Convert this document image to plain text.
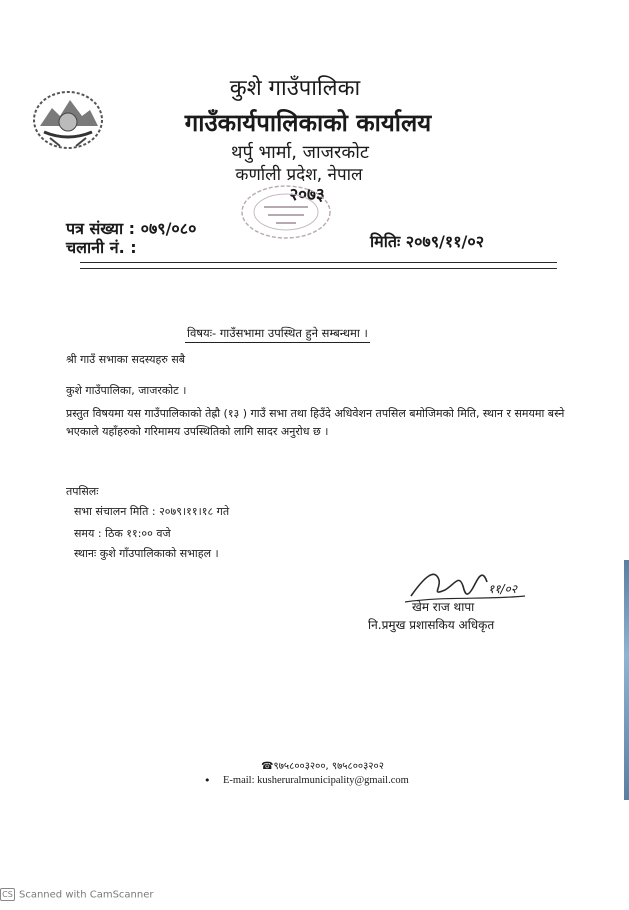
कुशे गाउँपालिका
गाउँकार्यपालिकाको कार्यालय
थर्पु भार्मा, जाजरकोट
कर्णाली प्रदेश, नेपाल
२०७३
पत्र संख्या : ०७९/०८०
चलानी नं. :	मितिः २०७९/११/०२
विषयः- गाउँसभामा उपस्थित हुने सम्बन्धमा ।
श्री गाउँ सभाका सदस्यहरु सबै
कुशे गाउँपालिका, जाजरकोट ।
प्रस्तुत विषयमा यस गाउँपालिकाको तेह्रौ (१३ ) गाउँ सभा तथा हिउँदे अधिवेशन तपसिल बमोजिमको मिति, स्थान र समयमा बस्ने भएकाले यहाँहरुको गरिमामय उपस्थितिको लागि सादर अनुरोध छ ।
तपसिलः
सभा संचालन मिति : २०७९।११।१८ गते
समय : ठिक ११:०० वजे
स्थानः कुशे गाँउपालिकाको सभाहल ।
११/०२
खेम राज थापा
नि.प्रमुख प्रशासकिय अधिकृत
☎९७५८००३२००, ९७५८००३२०२
• E-mail: kusheruralmunicipality@gmail.com
CS Scanned with CamScanner
